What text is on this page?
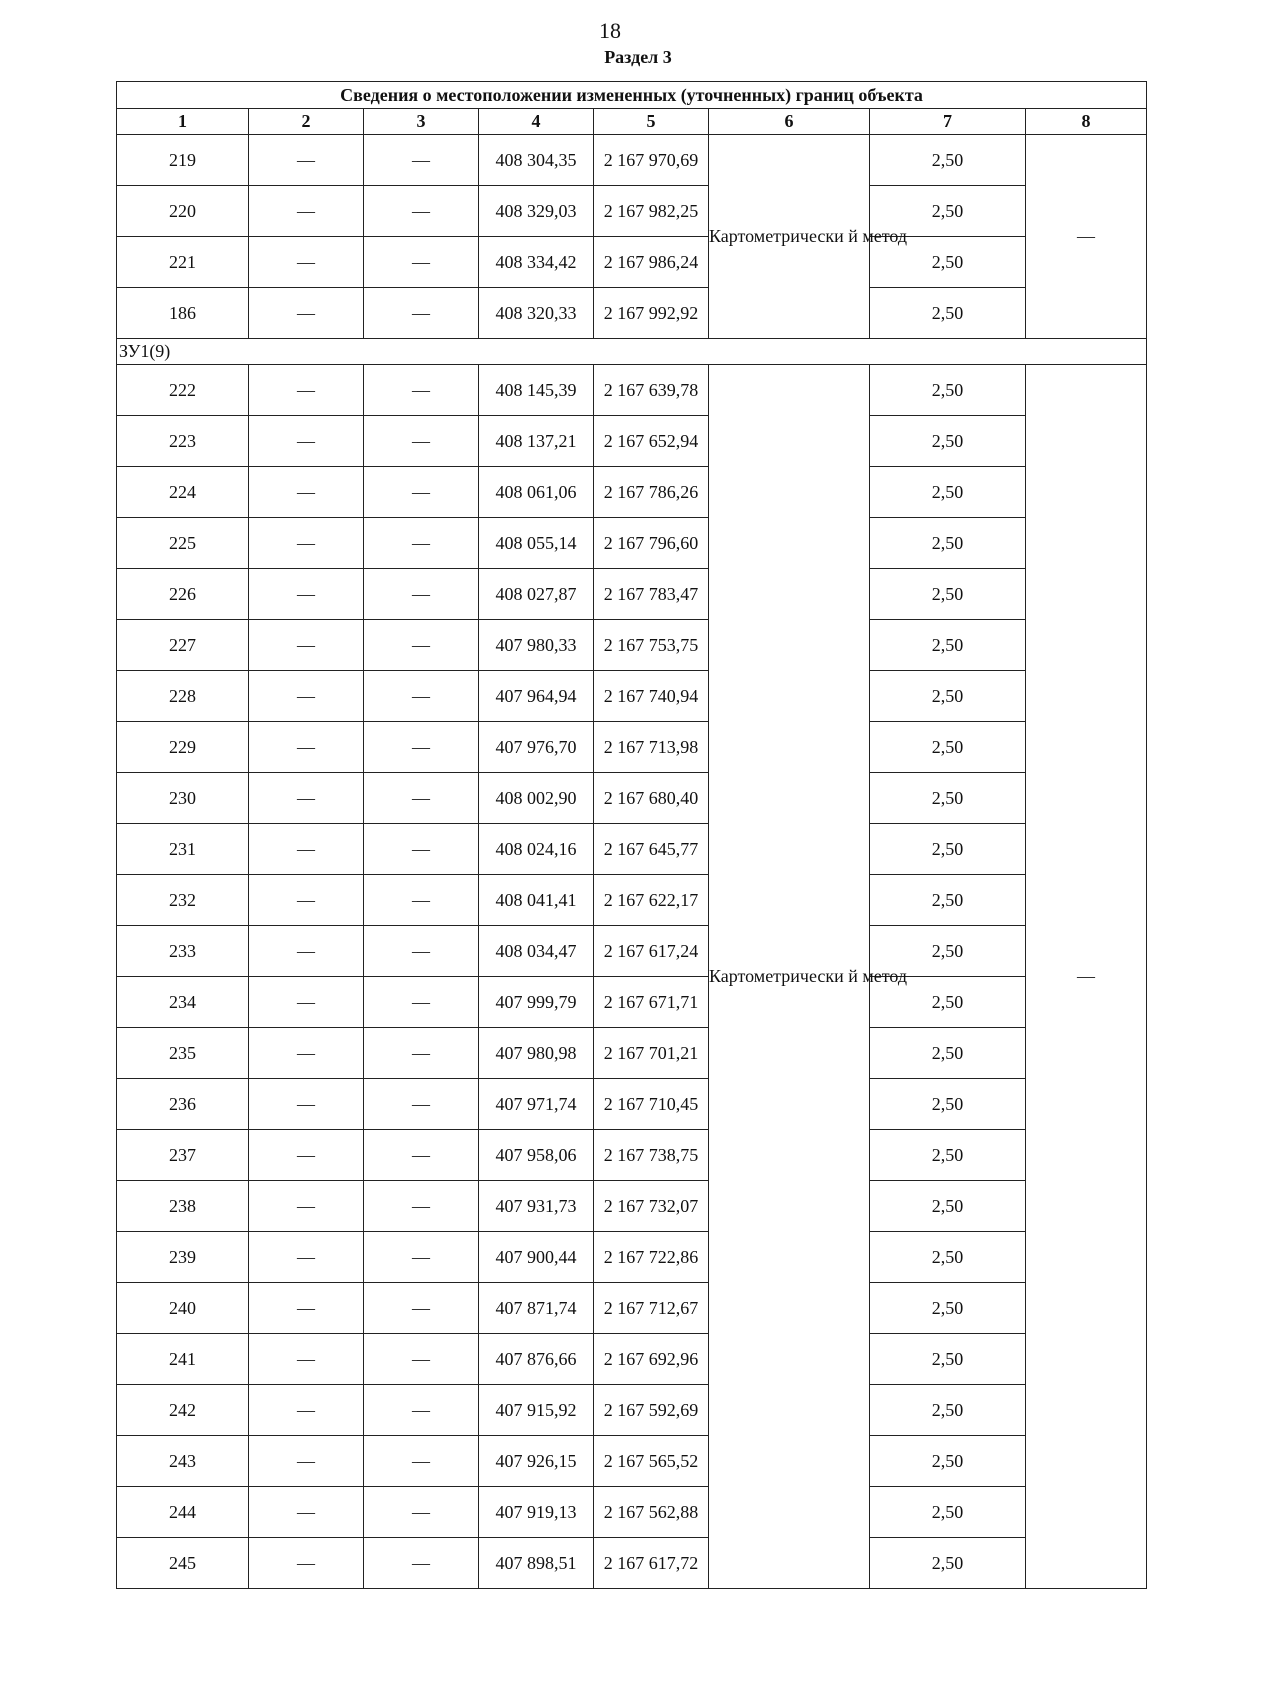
18
Раздел 3
Сведения о местоположении измененных (уточненных) границ объекта							
1	2	3	4	5	6	7	8
219	—	—	408 304,35	2 167 970,69	Картометрически й метод	2,50	—
220	—	—	408 329,03	2 167 982,25		2,50	
221	—	—	408 334,42	2 167 986,24		2,50	
186	—	—	408 320,33	2 167 992,92		2,50	
ЗУ1(9)							
222	—	—	408 145,39	2 167 639,78	Картометрически й метод	2,50	—
223	—	—	408 137,21	2 167 652,94		2,50	
224	—	—	408 061,06	2 167 786,26		2,50	
225	—	—	408 055,14	2 167 796,60		2,50	
226	—	—	408 027,87	2 167 783,47		2,50	
227	—	—	407 980,33	2 167 753,75		2,50	
228	—	—	407 964,94	2 167 740,94		2,50	
229	—	—	407 976,70	2 167 713,98		2,50	
230	—	—	408 002,90	2 167 680,40		2,50	
231	—	—	408 024,16	2 167 645,77		2,50	
232	—	—	408 041,41	2 167 622,17		2,50	
233	—	—	408 034,47	2 167 617,24		2,50	
234	—	—	407 999,79	2 167 671,71		2,50	
235	—	—	407 980,98	2 167 701,21		2,50	
236	—	—	407 971,74	2 167 710,45		2,50	
237	—	—	407 958,06	2 167 738,75		2,50	
238	—	—	407 931,73	2 167 732,07		2,50	
239	—	—	407 900,44	2 167 722,86		2,50	
240	—	—	407 871,74	2 167 712,67		2,50	
241	—	—	407 876,66	2 167 692,96		2,50	
242	—	—	407 915,92	2 167 592,69		2,50	
243	—	—	407 926,15	2 167 565,52		2,50	
244	—	—	407 919,13	2 167 562,88		2,50	
245	—	—	407 898,51	2 167 617,72		2,50	
